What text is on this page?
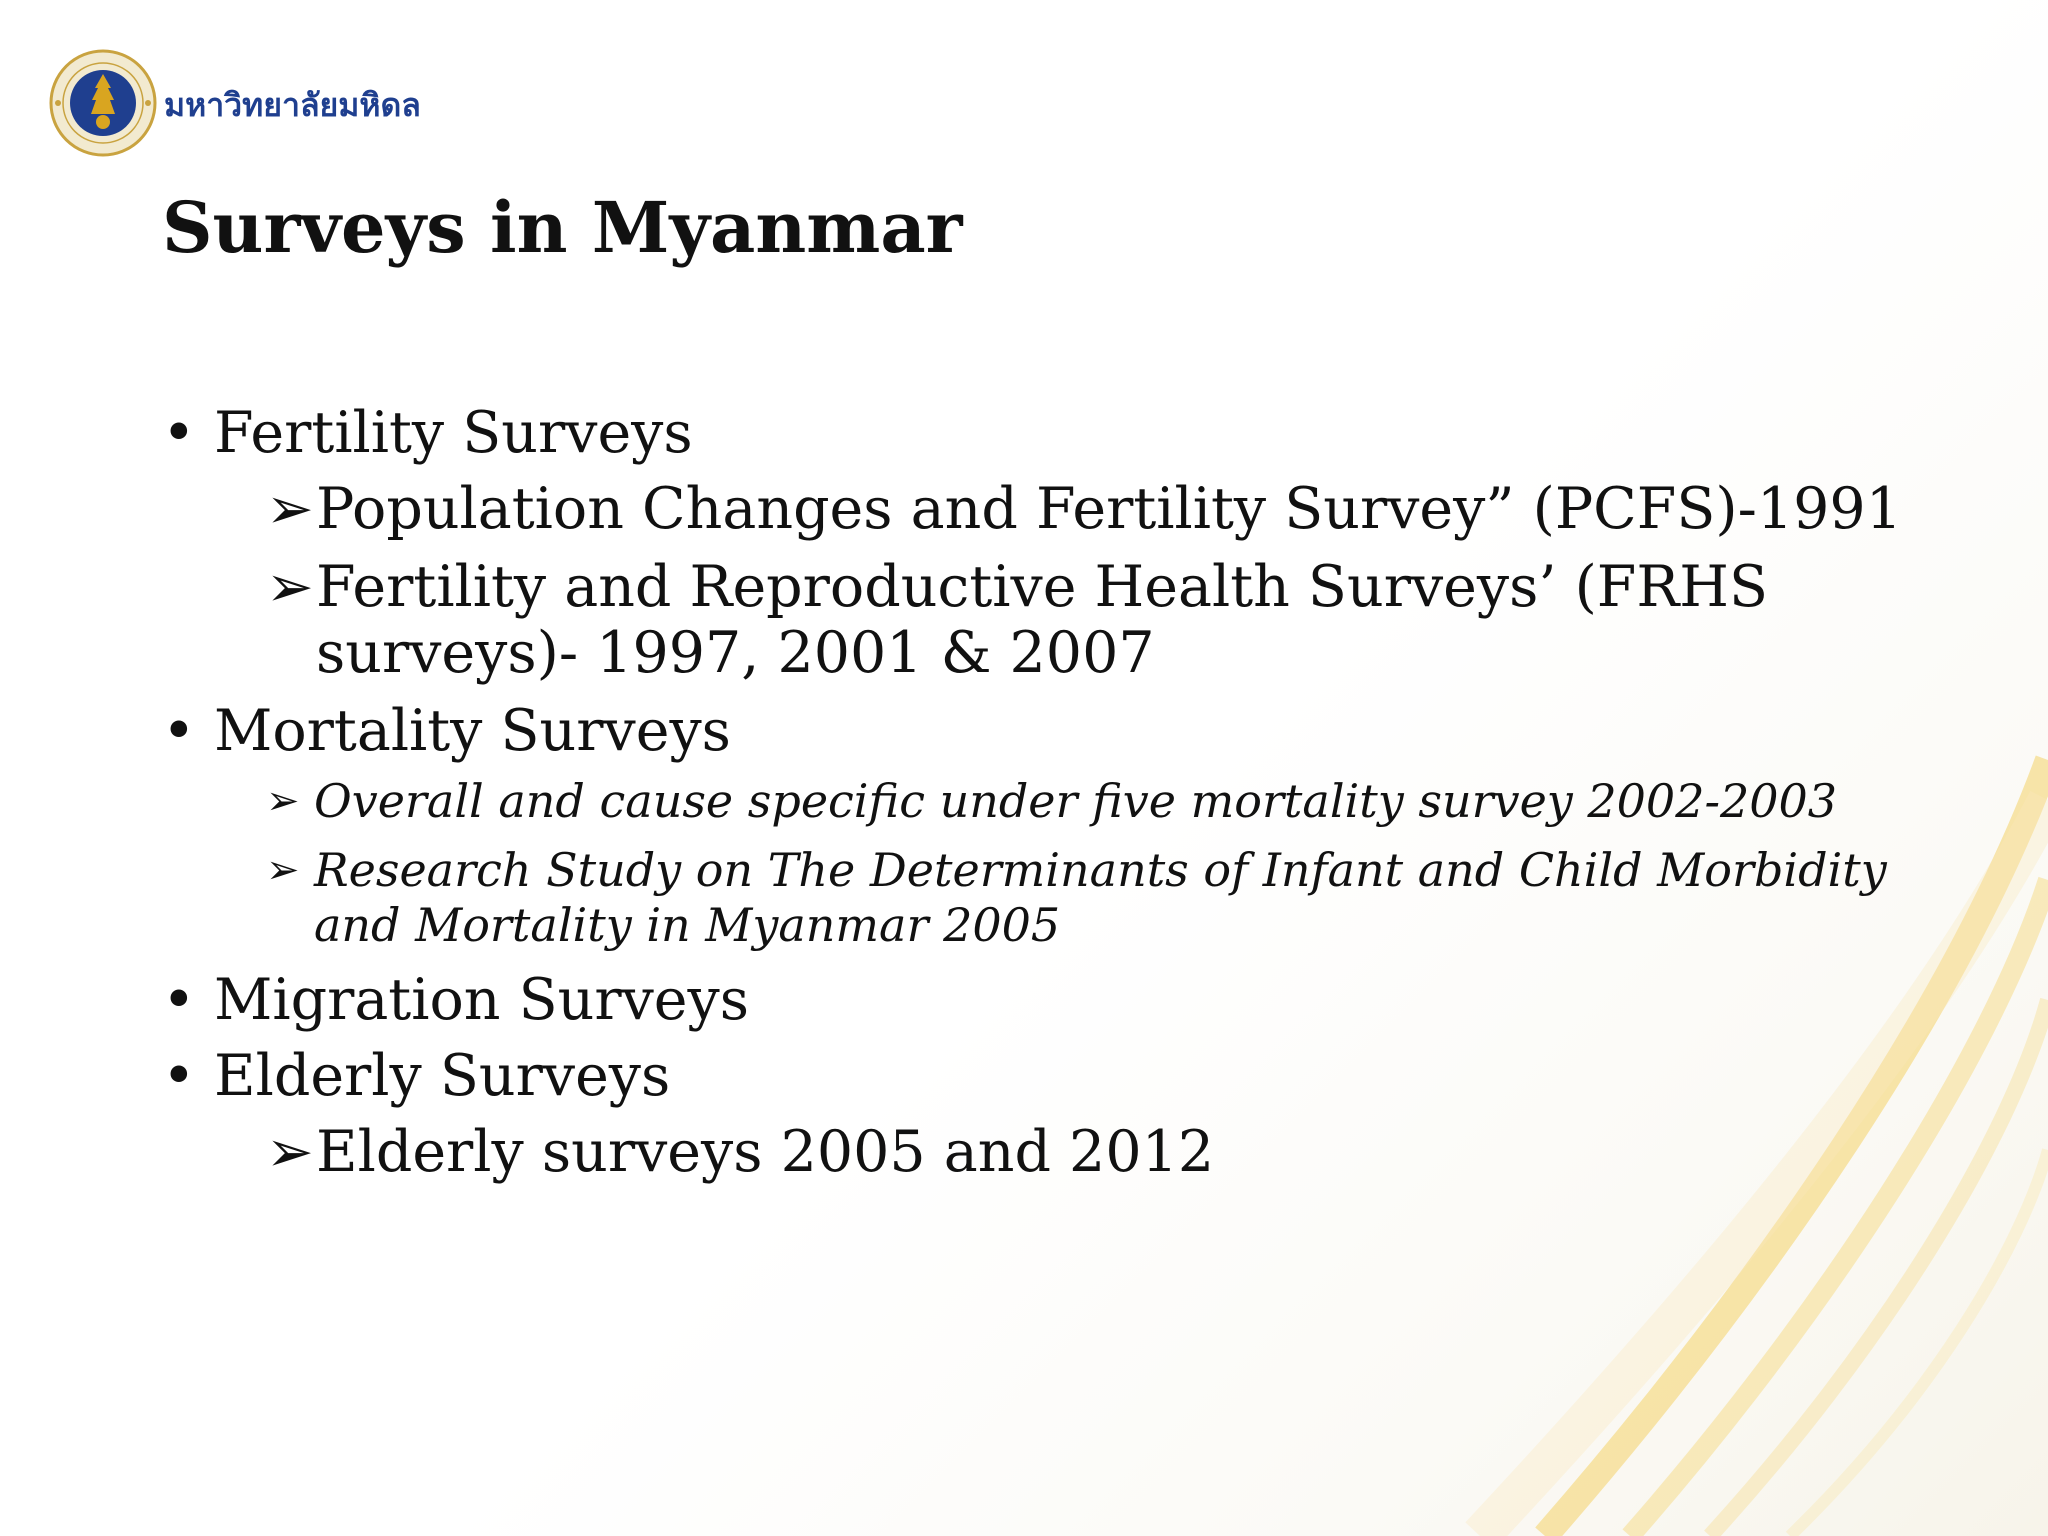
มหาวิทยาลัยมหิดล
Surveys in Myanmar
• Fertility Surveys
➢ Population Changes and Fertility Survey” (PCFS)-1991
➢ Fertility and Reproductive Health Surveys’ (FRHS surveys)- 1997, 2001 & 2007
• Mortality Surveys
➢ Overall and cause specific under five mortality survey 2002-2003
➢ Research Study on The Determinants of Infant and Child Morbidity and Mortality in Myanmar 2005
• Migration Surveys
• Elderly Surveys
➢ Elderly surveys 2005 and 2012
